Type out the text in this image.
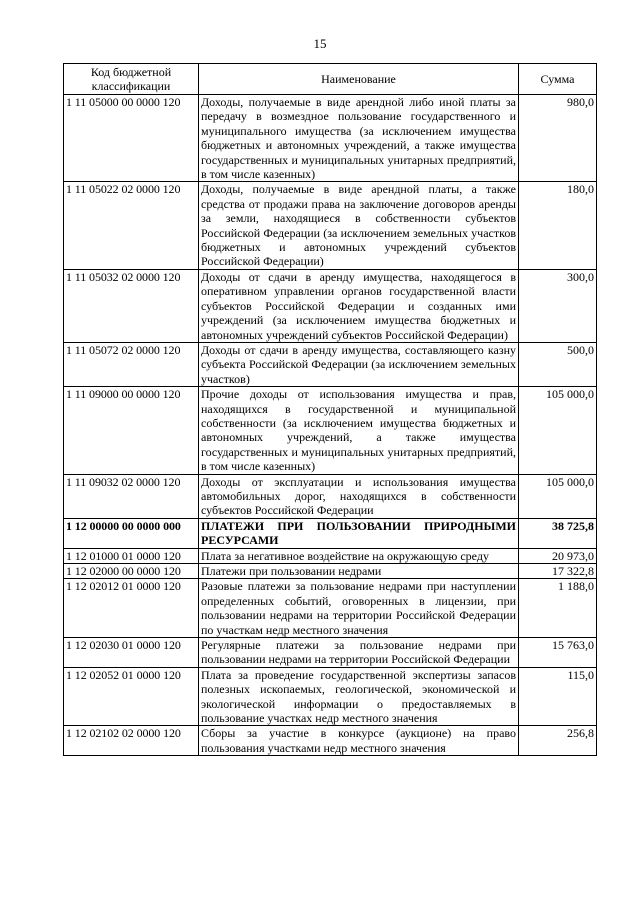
15
Код бюджетной классификации	Наименование	Сумма
1 11 05000 00 0000 120	Доходы, получаемые в виде арендной либо иной платы за передачу в возмездное пользование государственного и муниципального имущества (за исключением имущества бюджетных и автономных учреждений, а также имущества государственных и муниципальных унитарных предприятий, в том числе казенных)	980,0
1 11 05022 02 0000 120	Доходы, получаемые в виде арендной платы, а также средства от продажи права на заключение договоров аренды за земли, находящиеся в собственности субъектов Российской Федерации (за исключением земельных участков бюджетных и автономных учреждений субъектов Российской Федерации)	180,0
1 11 05032 02 0000 120	Доходы от сдачи в аренду имущества, находящегося в оперативном управлении органов государственной власти субъектов Российской Федерации и созданных ими учреждений (за исключением имущества бюджетных и автономных учреждений субъектов Российской Федерации)	300,0
1 11 05072 02 0000 120	Доходы от сдачи в аренду имущества, составляющего казну субъекта Российской Федерации (за исключением земельных участков)	500,0
1 11 09000 00 0000 120	Прочие доходы от использования имущества и прав, находящихся в государственной и муниципальной собственности (за исключением имущества бюджетных и автономных учреждений, а также имущества государственных и муниципальных унитарных предприятий, в том числе казенных)	105 000,0
1 11 09032 02 0000 120	Доходы от эксплуатации и использования имущества автомобильных дорог, находящихся в собственности субъектов Российской Федерации	105 000,0
1 12 00000 00 0000 000	ПЛАТЕЖИ ПРИ ПОЛЬЗОВАНИИ ПРИРОДНЫМИ РЕСУРСАМИ	38 725,8
1 12 01000 01 0000 120	Плата за негативное воздействие на окружающую среду	20 973,0
1 12 02000 00 0000 120	Платежи при пользовании недрами	17 322,8
1 12 02012 01 0000 120	Разовые платежи за пользование недрами при наступлении определенных событий, оговоренных в лицензии, при пользовании недрами на территории Российской Федерации по участкам недр местного значения	1 188,0
1 12 02030 01 0000 120	Регулярные платежи за пользование недрами при пользовании недрами на территории Российской Федерации	15 763,0
1 12 02052 01 0000 120	Плата за проведение государственной экспертизы запасов полезных ископаемых, геологической, экономической и экологической информации о предоставляемых в пользование участках недр местного значения	115,0
1 12 02102 02 0000 120	Сборы за участие в конкурсе (аукционе) на право пользования участками недр местного значения	256,8
